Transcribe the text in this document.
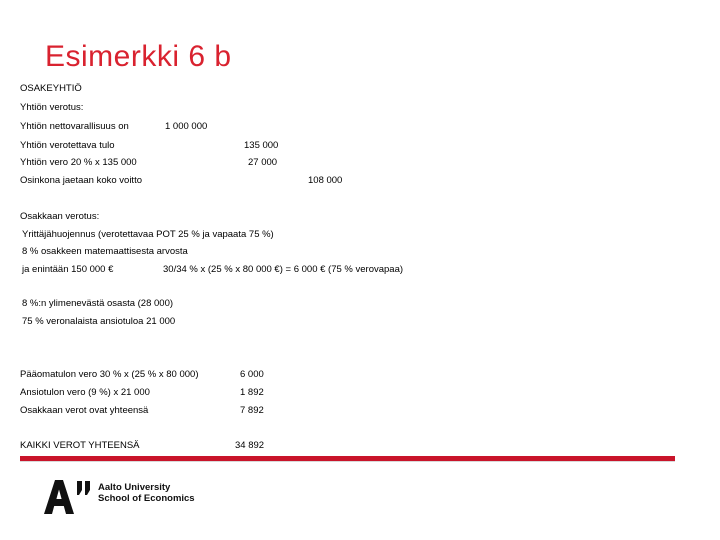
Esimerkki 6 b
OSAKEYHTIÖ
Yhtiön verotus:
Yhtiön nettovarallisuus on	1 000 000
Yhtiön verotettava tulo	135 000
Yhtiön vero 20 % x 135 000	27 000
Osinkona jaetaan koko voitto	108 000
Osakkaan verotus:
Yrittäjähuojennus (verotettavaa POT 25 % ja vapaata 75 %)
8 % osakkeen matemaattisesta arvosta
ja enintään 150 000 €	30/34 % x (25 % x 80 000 €) = 6 000 € (75 % verovapaa)
8 %:n ylimenevästä osasta (28 000)
75 % veronalaista ansiotuloa 21 000
Pääomatulon vero 30 % x (25 % x 80 000)	6 000
Ansiotulon vero (9 %) x 21 000	1 892
Osakkaan verot ovat yhteensä	7 892
KAIKKI VEROT YHTEENSÄ	34 892
Aalto University
School of Economics
